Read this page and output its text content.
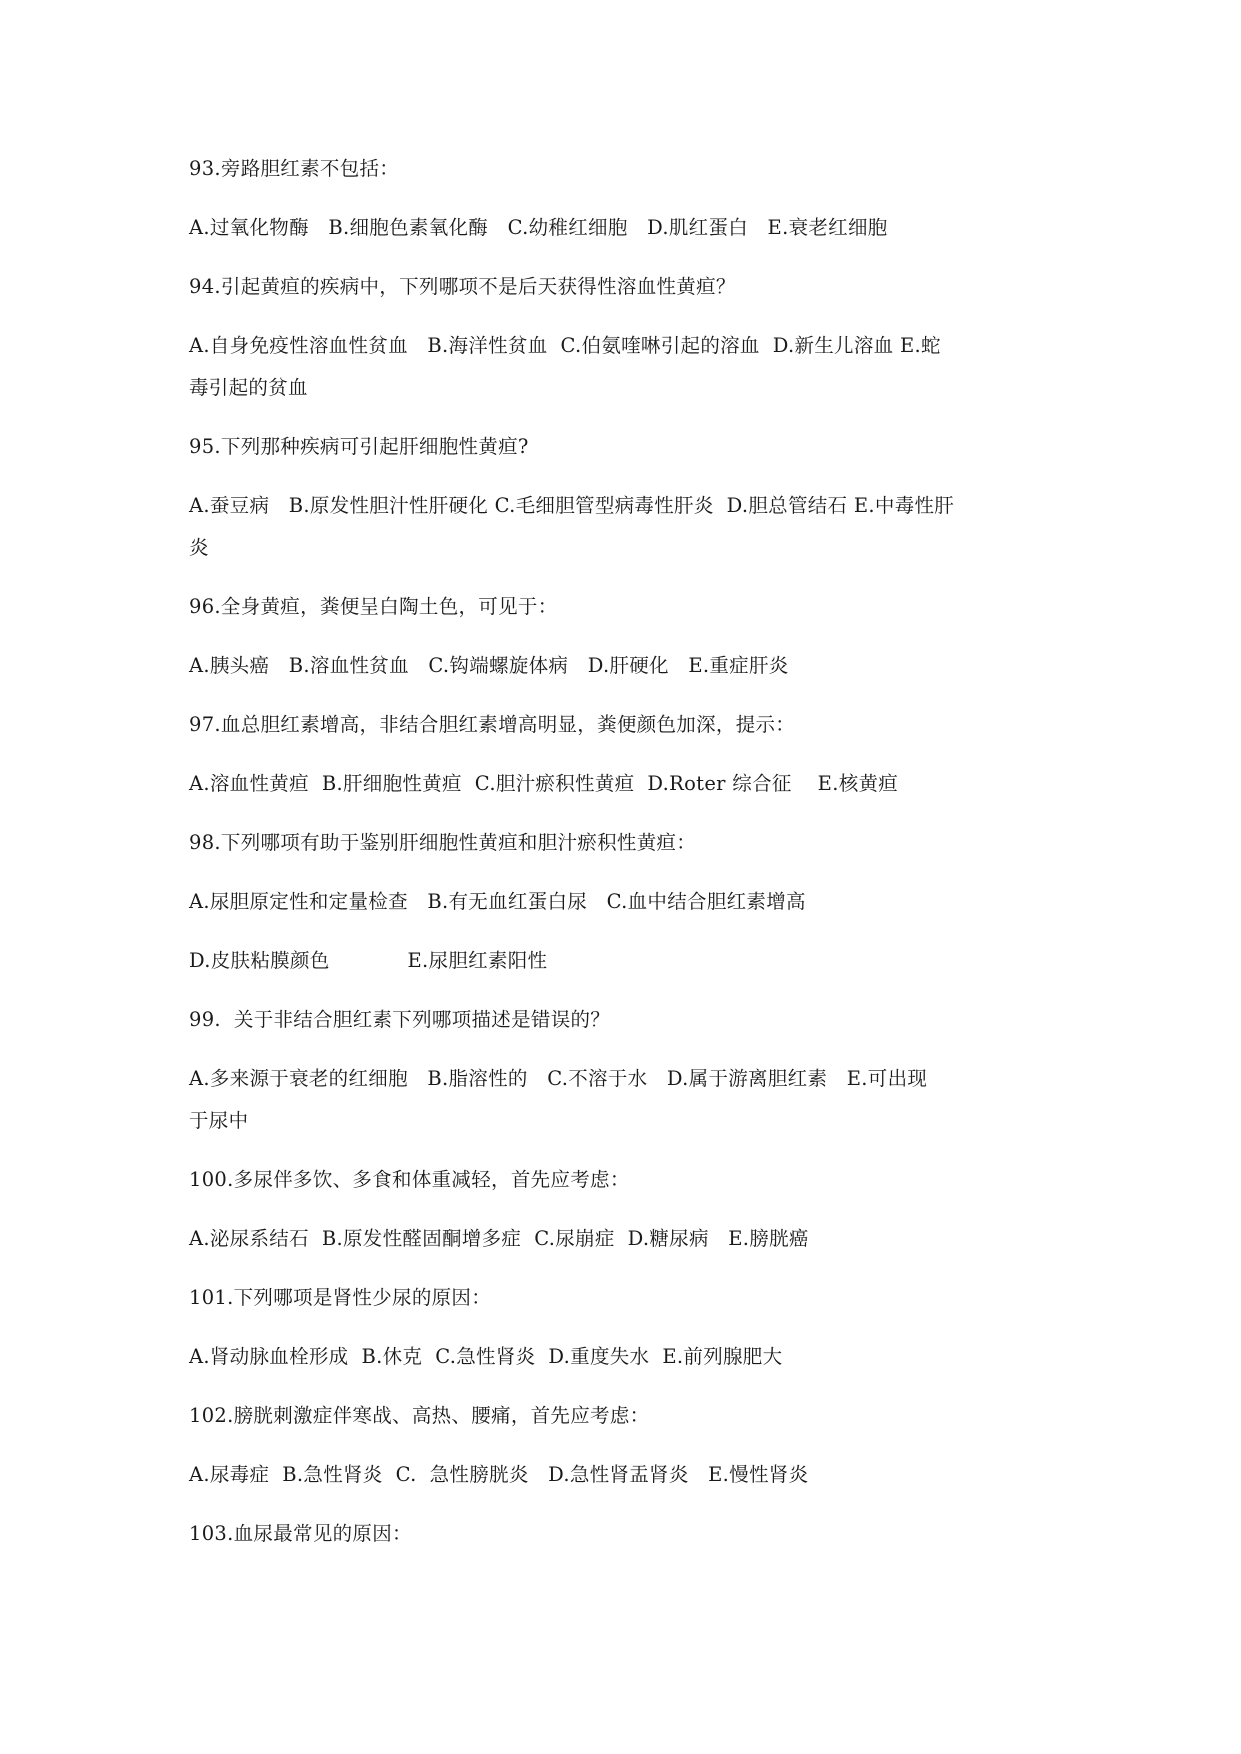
93.旁路胆红素不包括：
A.过氧化物酶   B.细胞色素氧化酶   C.幼稚红细胞   D.肌红蛋白   E.衰老红细胞
94.引起黄疸的疾病中，下列哪项不是后天获得性溶血性黄疸？
A.自身免疫性溶血性贫血   B.海洋性贫血  C.伯氨喹啉引起的溶血  D.新生儿溶血 E.蛇
毒引起的贫血
95.下列那种疾病可引起肝细胞性黄疸?
A.蚕豆病   B.原发性胆汁性肝硬化 C.毛细胆管型病毒性肝炎  D.胆总管结石 E.中毒性肝
炎
96.全身黄疸，粪便呈白陶土色，可见于：
A.胰头癌   B.溶血性贫血   C.钩端螺旋体病   D.肝硬化   E.重症肝炎
97.血总胆红素增高，非结合胆红素增高明显，粪便颜色加深，提示：
A.溶血性黄疸  B.肝细胞性黄疸  C.胆汁瘀积性黄疸  D.Roter 综合征    E.核黄疸
98.下列哪项有助于鉴别肝细胞性黄疸和胆汁瘀积性黄疸：
A.尿胆原定性和定量检查   B.有无血红蛋白尿   C.血中结合胆红素增高
D.皮肤粘膜颜色            E.尿胆红素阳性
99.  关于非结合胆红素下列哪项描述是错误的？
A.多来源于衰老的红细胞   B.脂溶性的   C.不溶于水   D.属于游离胆红素   E.可出现
于尿中
100.多尿伴多饮、多食和体重减轻，首先应考虑：
A.泌尿系结石  B.原发性醛固酮增多症  C.尿崩症  D.糖尿病   E.膀胱癌
101.下列哪项是肾性少尿的原因：
A.肾动脉血栓形成  B.休克  C.急性肾炎  D.重度失水  E.前列腺肥大
102.膀胱刺激症伴寒战、高热、腰痛，首先应考虑：
A.尿毒症  B.急性肾炎  C.  急性膀胱炎   D.急性肾盂肾炎   E.慢性肾炎
103.血尿最常见的原因：
